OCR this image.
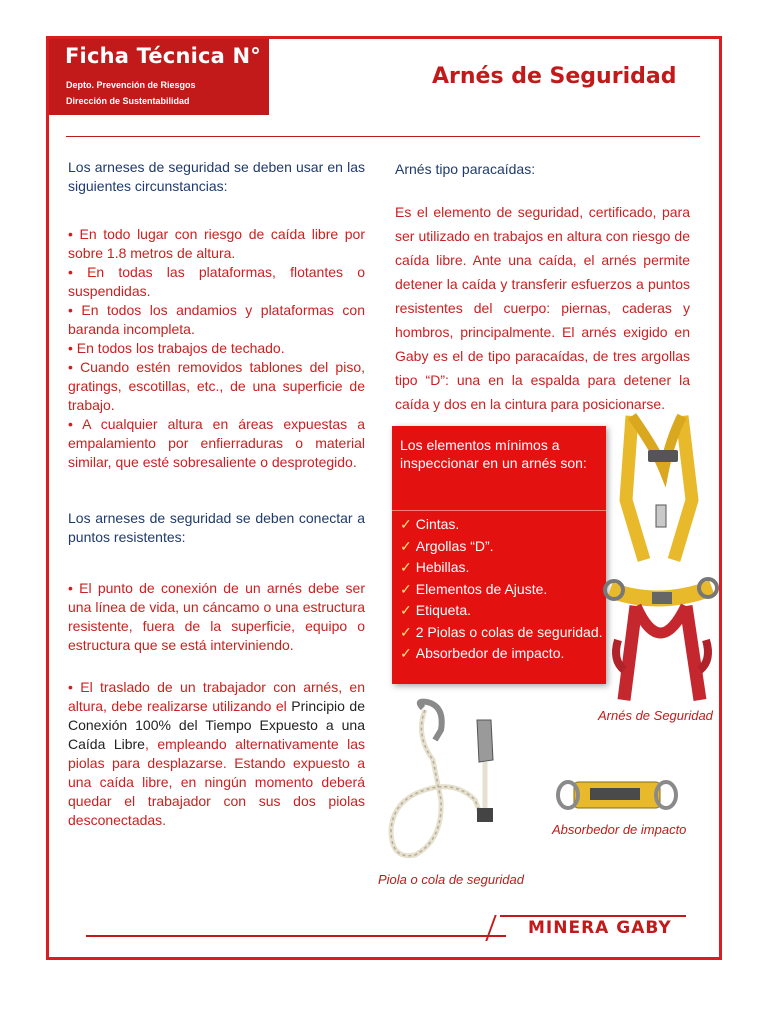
Ficha Técnica N° 3
Depto. Prevención de Riesgos
Dirección de Sustentabilidad
Arnés de Seguridad
Los arneses de seguridad se deben usar en las siguientes circunstancias:

• En todo lugar con riesgo de caída libre por sobre 1.8 metros de altura.

• En todas las plataformas, flotantes o suspendidas.

• En todos los andamios y plataformas con baranda incompleta.

• En todos los trabajos de techado.

• Cuando estén removidos tablones del piso, gratings, escotillas, etc., de una superficie de trabajo.

• A cualquier altura en áreas expuestas a empalamiento por enfierraduras o material similar, que esté sobresaliente o desprotegido.

Los arneses de seguridad se deben conectar a puntos resistentes:
• El punto de conexión de un arnés debe ser una línea de vida, un cáncamo o una estructura resistente, fuera de la superficie, equipo o estructura que se está interviniendo.
• El traslado de un trabajador con arnés, en altura, debe realizarse utilizando el Principio de Conexión 100% del Tiempo Expuesto a una Caída Libre, empleando alternativamente las piolas para desplazarse. Estando expuesto a una caída libre, en ningún momento deberá quedar el trabajador con sus dos piolas desconectadas.
Arnés tipo paracaídas:
Es el elemento de seguridad, certificado, para ser utilizado en trabajos en altura con riesgo de caída libre. Ante una caída, el arnés permite detener la caída y transferir esfuerzos a puntos resistentes del cuerpo: piernas, caderas y hombros, principalmente. El arnés exigido en Gaby es el de tipo paracaídas, de tres argollas tipo “D”: una en la espalda para detener la caída y dos en la cintura para posicionarse.
Los elementos mínimos a inspeccionar en un arnés son:
✓ Cintas.
✓ Argollas “D”.
✓ Hebillas.
✓ Elementos de Ajuste.
✓ Etiqueta.
✓ 2 Piolas o colas de seguridad.
✓ Absorbedor de impacto.
Arnés de Seguridad
Piola o cola de seguridad
Absorbedor de impacto
MINERA GABY
